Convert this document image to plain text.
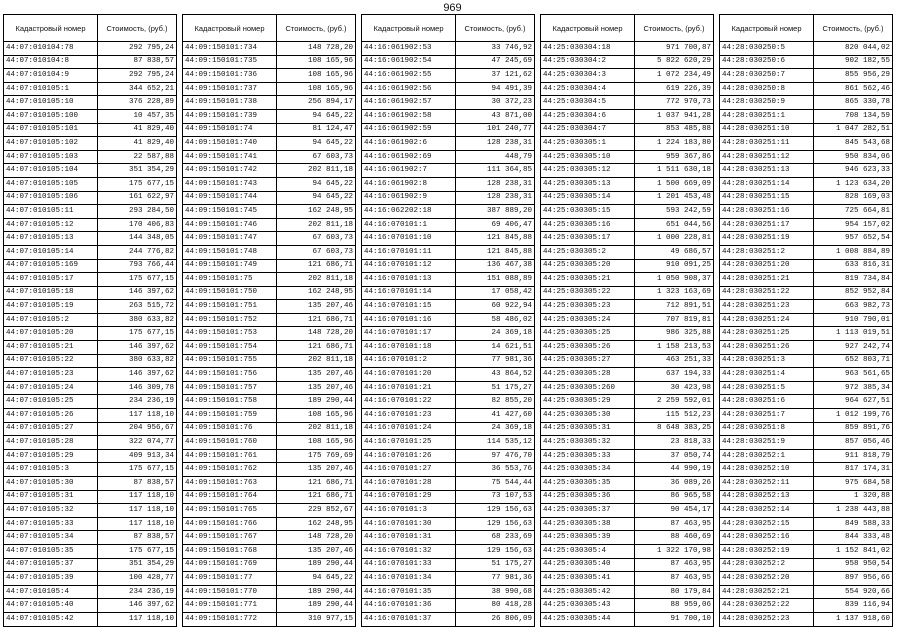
969
Кадастровый номер	Стоимость, (руб.)
44:07:010104:78	292 795,24
44:07:010104:8	87 838,57
44:07:010104:9	292 795,24
44:07:010105:1	344 652,21
44:07:010105:10	376 228,89
44:07:010105:100	10 457,35
44:07:010105:101	41 829,40
44:07:010105:102	41 829,40
44:07:010105:103	22 587,88
44:07:010105:104	351 354,29
44:07:010105:105	175 677,15
44:07:010105:106	161 622,97
44:07:010105:11	293 284,50
44:07:010105:12	170 406,83
44:07:010105:13	144 348,05
44:07:010105:14	244 776,82
44:07:010105:169	793 766,44
44:07:010105:17	175 677,15
44:07:010105:18	146 397,62
44:07:010105:19	263 515,72
44:07:010105:2	380 633,82
44:07:010105:20	175 677,15
44:07:010105:21	146 397,62
44:07:010105:22	380 633,82
44:07:010105:23	146 397,62
44:07:010105:24	146 309,78
44:07:010105:25	234 236,19
44:07:010105:26	117 118,10
44:07:010105:27	204 956,67
44:07:010105:28	322 074,77
44:07:010105:29	409 913,34
44:07:010105:3	175 677,15
44:07:010105:30	87 838,57
44:07:010105:31	117 118,10
44:07:010105:32	117 118,10
44:07:010105:33	117 118,10
44:07:010105:34	87 838,57
44:07:010105:35	175 677,15
44:07:010105:37	351 354,29
44:07:010105:39	100 428,77
44:07:010105:4	234 236,19
44:07:010105:40	146 397,62
44:07:010105:42	117 118,10
Кадастровый номер	Стоимость, (руб.)
44:09:150101:734	148 728,20
44:09:150101:735	108 165,96
44:09:150101:736	108 165,96
44:09:150101:737	108 165,96
44:09:150101:738	256 894,17
44:09:150101:739	94 645,22
44:09:150101:74	81 124,47
44:09:150101:740	94 645,22
44:09:150101:741	67 603,73
44:09:150101:742	202 811,18
44:09:150101:743	94 645,22
44:09:150101:744	94 645,22
44:09:150101:745	162 248,95
44:09:150101:746	202 811,18
44:09:150101:747	67 603,73
44:09:150101:748	67 603,73
44:09:150101:749	121 686,71
44:09:150101:75	202 811,18
44:09:150101:750	162 248,95
44:09:150101:751	135 207,46
44:09:150101:752	121 686,71
44:09:150101:753	148 728,20
44:09:150101:754	121 686,71
44:09:150101:755	202 811,18
44:09:150101:756	135 207,46
44:09:150101:757	135 207,46
44:09:150101:758	189 290,44
44:09:150101:759	108 165,96
44:09:150101:76	202 811,18
44:09:150101:760	108 165,96
44:09:150101:761	175 769,69
44:09:150101:762	135 207,46
44:09:150101:763	121 686,71
44:09:150101:764	121 686,71
44:09:150101:765	229 852,67
44:09:150101:766	162 248,95
44:09:150101:767	148 728,20
44:09:150101:768	135 207,46
44:09:150101:769	189 290,44
44:09:150101:77	94 645,22
44:09:150101:770	189 290,44
44:09:150101:771	189 290,44
44:09:150101:772	310 977,15
Кадастровый номер	Стоимость, (руб.)
44:16:061902:53	33 746,92
44:16:061902:54	47 245,69
44:16:061902:55	37 121,62
44:16:061902:56	94 491,39
44:16:061902:57	30 372,23
44:16:061902:58	43 871,00
44:16:061902:59	101 240,77
44:16:061902:6	128 238,31
44:16:061902:69	448,79
44:16:061902:7	111 364,85
44:16:061902:8	128 238,31
44:16:061902:9	128 238,31
44:16:062202:18	387 889,20
44:16:070101:1	69 406,47
44:16:070101:10	121 845,88
44:16:070101:11	121 845,88
44:16:070101:12	136 467,38
44:16:070101:13	151 088,89
44:16:070101:14	17 058,42
44:16:070101:15	60 922,94
44:16:070101:16	58 486,02
44:16:070101:17	24 369,18
44:16:070101:18	14 621,51
44:16:070101:2	77 981,36
44:16:070101:20	43 864,52
44:16:070101:21	51 175,27
44:16:070101:22	82 855,20
44:16:070101:23	41 427,60
44:16:070101:24	24 369,18
44:16:070101:25	114 535,12
44:16:070101:26	97 476,70
44:16:070101:27	36 553,76
44:16:070101:28	75 544,44
44:16:070101:29	73 107,53
44:16:070101:3	129 156,63
44:16:070101:30	129 156,63
44:16:070101:31	68 233,69
44:16:070101:32	129 156,63
44:16:070101:33	51 175,27
44:16:070101:34	77 981,36
44:16:070101:35	38 990,68
44:16:070101:36	80 418,28
44:16:070101:37	26 806,09
Кадастровый номер	Стоимость, (руб.)
44:25:030304:18	971 700,87
44:25:030304:2	5 822 620,29
44:25:030304:3	1 072 234,49
44:25:030304:4	619 226,39
44:25:030304:5	772 970,73
44:25:030304:6	1 037 941,28
44:25:030304:7	853 485,88
44:25:030305:1	1 224 183,80
44:25:030305:10	959 367,86
44:25:030305:12	1 511 630,18
44:25:030305:13	1 500 669,09
44:25:030305:14	1 201 453,48
44:25:030305:15	593 242,59
44:25:030305:16	651 044,56
44:25:030305:17	1 000 228,81
44:25:030305:2	49 686,57
44:25:030305:20	910 091,25
44:25:030305:21	1 050 908,37
44:25:030305:22	1 323 163,69
44:25:030305:23	712 891,51
44:25:030305:24	707 819,81
44:25:030305:25	986 325,88
44:25:030305:26	1 158 213,53
44:25:030305:27	463 251,33
44:25:030305:28	637 194,33
44:25:030305:260	30 423,98
44:25:030305:29	2 259 592,01
44:25:030305:30	115 512,23
44:25:030305:31	8 648 383,25
44:25:030305:32	23 818,33
44:25:030305:33	37 050,74
44:25:030305:34	44 990,19
44:25:030305:35	36 089,26
44:25:030305:36	86 965,58
44:25:030305:37	90 454,17
44:25:030305:38	87 463,95
44:25:030305:39	88 460,69
44:25:030305:4	1 322 170,98
44:25:030305:40	87 463,95
44:25:030305:41	87 463,95
44:25:030305:42	80 179,84
44:25:030305:43	88 959,06
44:25:030305:44	91 700,10
Кадастровый номер	Стоимость, (руб.)
44:28:030250:5	820 044,02
44:28:030250:6	902 182,55
44:28:030250:7	855 956,29
44:28:030250:8	861 562,46
44:28:030250:9	865 330,78
44:28:030251:1	708 134,59
44:28:030251:10	1 047 282,51
44:28:030251:11	845 543,68
44:28:030251:12	950 834,06
44:28:030251:13	946 623,33
44:28:030251:14	1 123 634,20
44:28:030251:15	828 169,03
44:28:030251:16	725 664,81
44:28:030251:17	954 157,02
44:28:030251:19	957 652,54
44:28:030251:2	1 008 884,89
44:28:030251:20	633 816,31
44:28:030251:21	819 734,84
44:28:030251:22	852 952,84
44:28:030251:23	663 982,73
44:28:030251:24	910 790,01
44:28:030251:25	1 113 019,51
44:28:030251:26	927 242,74
44:28:030251:3	652 803,71
44:28:030251:4	963 561,65
44:28:030251:5	972 385,34
44:28:030251:6	964 627,51
44:28:030251:7	1 012 199,76
44:28:030251:8	859 891,76
44:28:030251:9	857 056,46
44:28:030252:1	911 818,79
44:28:030252:10	817 174,31
44:28:030252:11	975 684,58
44:28:030252:13	1 320,88
44:28:030252:14	1 238 443,88
44:28:030252:15	849 588,33
44:28:030252:16	844 333,48
44:28:030252:19	1 152 841,02
44:28:030252:2	958 950,54
44:28:030252:20	897 956,66
44:28:030252:21	554 920,66
44:28:030252:22	839 116,94
44:28:030252:23	1 137 918,60
